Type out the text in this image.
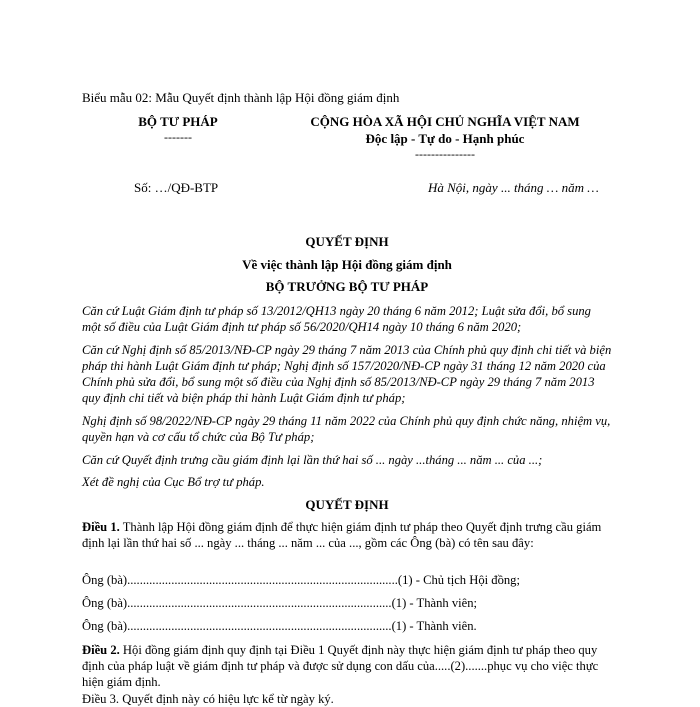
Biểu mẫu 02: Mẫu Quyết định thành lập Hội đồng giám định
BỘ TƯ PHÁP
-------
CỘNG HÒA XÃ HỘI CHỦ NGHĨA VIỆT NAM
Độc lập - Tự do - Hạnh phúc
---------------
Số: …/QĐ-BTP	Hà Nội, ngày ... tháng … năm …
QUYẾT ĐỊNH
Về việc thành lập Hội đồng giám định
BỘ TRƯỞNG BỘ TƯ PHÁP
Căn cứ Luật Giám định tư pháp số 13/2012/QH13 ngày 20 tháng 6 năm 2012; Luật sửa đổi, bổ sung một số điều của Luật Giám định tư pháp số 56/2020/QH14 ngày 10 tháng 6 năm 2020;
Căn cứ Nghị định số 85/2013/NĐ-CP ngày 29 tháng 7 năm 2013 của Chính phủ quy định chi tiết và biện pháp thi hành Luật Giám định tư pháp; Nghị định số 157/2020/NĐ-CP ngày 31 tháng 12 năm 2020 của Chính phủ sửa đổi, bổ sung một số điều của Nghị định số 85/2013/NĐ-CP ngày 29 tháng 7 năm 2013 quy định chi tiết và biện pháp thi hành Luật Giám định tư pháp;
Nghị định số 98/2022/NĐ-CP ngày 29 tháng 11 năm 2022 của Chính phủ quy định chức năng, nhiệm vụ, quyền hạn và cơ cấu tổ chức của Bộ Tư pháp;
Căn cứ Quyết định trưng cầu giám định lại lần thứ hai số ... ngày ...tháng ... năm ... của ...;
Xét đề nghị của Cục Bổ trợ tư pháp.
QUYẾT ĐỊNH
Điều 1. Thành lập Hội đồng giám định để thực hiện giám định tư pháp theo Quyết định trưng cầu giám định lại lần thứ hai số ... ngày ... tháng ... năm ... của ..., gồm các Ông (bà) có tên sau đây:
Ông (bà)......................................................................................(1) - Chủ tịch Hội đồng;
Ông (bà)....................................................................................(1) - Thành viên;
Ông (bà)....................................................................................(1) - Thành viên.
Điều 2. Hội đồng giám định quy định tại Điều 1 Quyết định này thực hiện giám định tư pháp theo quy định của pháp luật về giám định tư pháp và được sử dụng con dấu của.....(2).......phục vụ cho việc thực hiện giám định.
Điều 3. Quyết định này có hiệu lực kể từ ngày ký.
